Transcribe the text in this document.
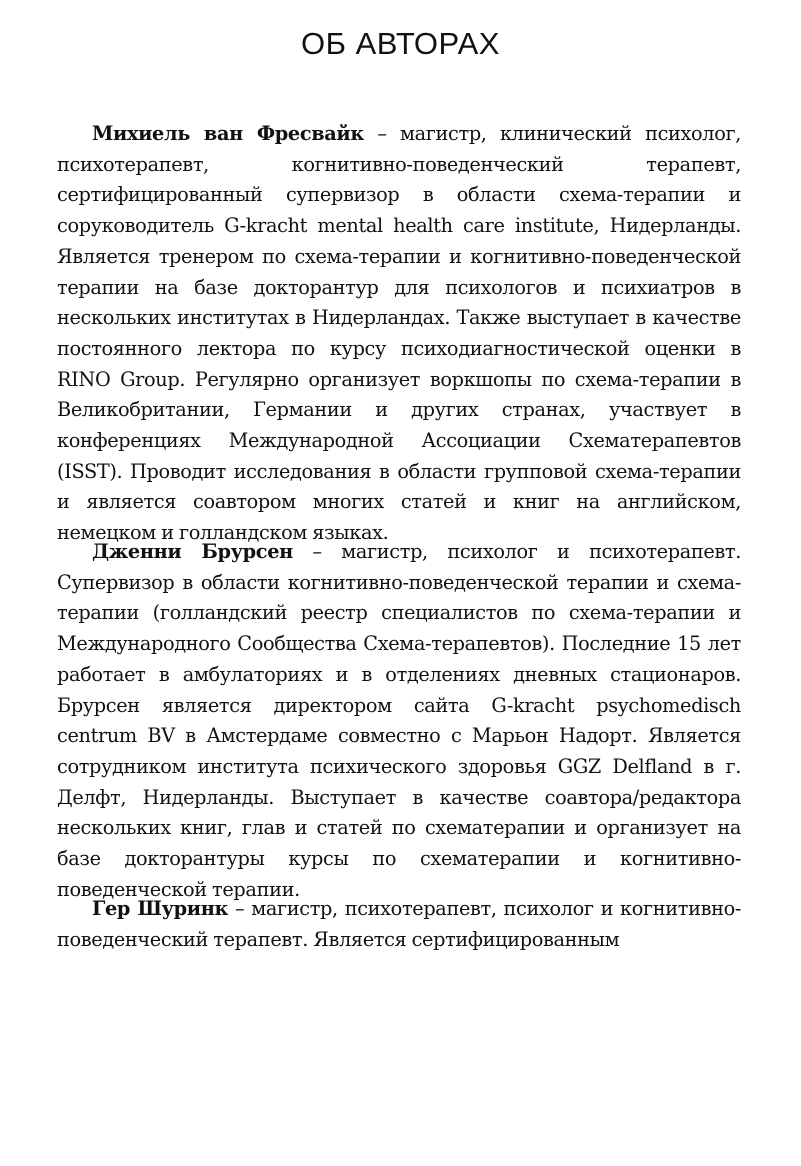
ОБ АВТОРАХ

Михиель ван Фресвайк – магистр, клинический психолог, психотерапевт, когнитивно-поведенческий терапевт, сертифицированный супервизор в области схема-терапии и соруководитель G-kracht mental health care institute, Нидерланды. Является тренером по схема-терапии и когнитивно-поведенческой терапии на базе докторантур для психологов и психиатров в нескольких институтах в Нидерландах. Также выступает в качестве постоянного лектора по курсу психодиагностической оценки в RINO Group. Регулярно организует воркшопы по схема-терапии в Великобритании, Германии и других странах, участвует в конференциях Международной Ассоциации Схематерапевтов (ISST). Проводит исследования в области групповой схема-терапии и является соавтором многих статей и книг на английском, немецком и голландском языках.

Дженни Брурсен – магистр, психолог и психотерапевт. Супервизор в области когнитивно-поведенческой терапии и схема-терапии (голландский реестр специалистов по схема-терапии и Международного Сообщества Схема-терапевтов). Последние 15 лет работает в амбулаториях и в отделениях дневных стационаров. Брурсен является директором сайта G-kracht psychomedisch centrum BV в Амстердаме совместно с Марьон Надорт. Является сотрудником института психического здоровья GGZ Delfland в г. Делфт, Нидерланды. Выступает в качестве соавтора/редактора нескольких книг, глав и статей по схематерапии и организует на базе докторантуры курсы по схематерапии и когнитивно-поведенческой терапии.

Гер Шуринк – магистр, психотерапевт, психолог и когнитивно-поведенческий терапевт. Является сертифицированным
